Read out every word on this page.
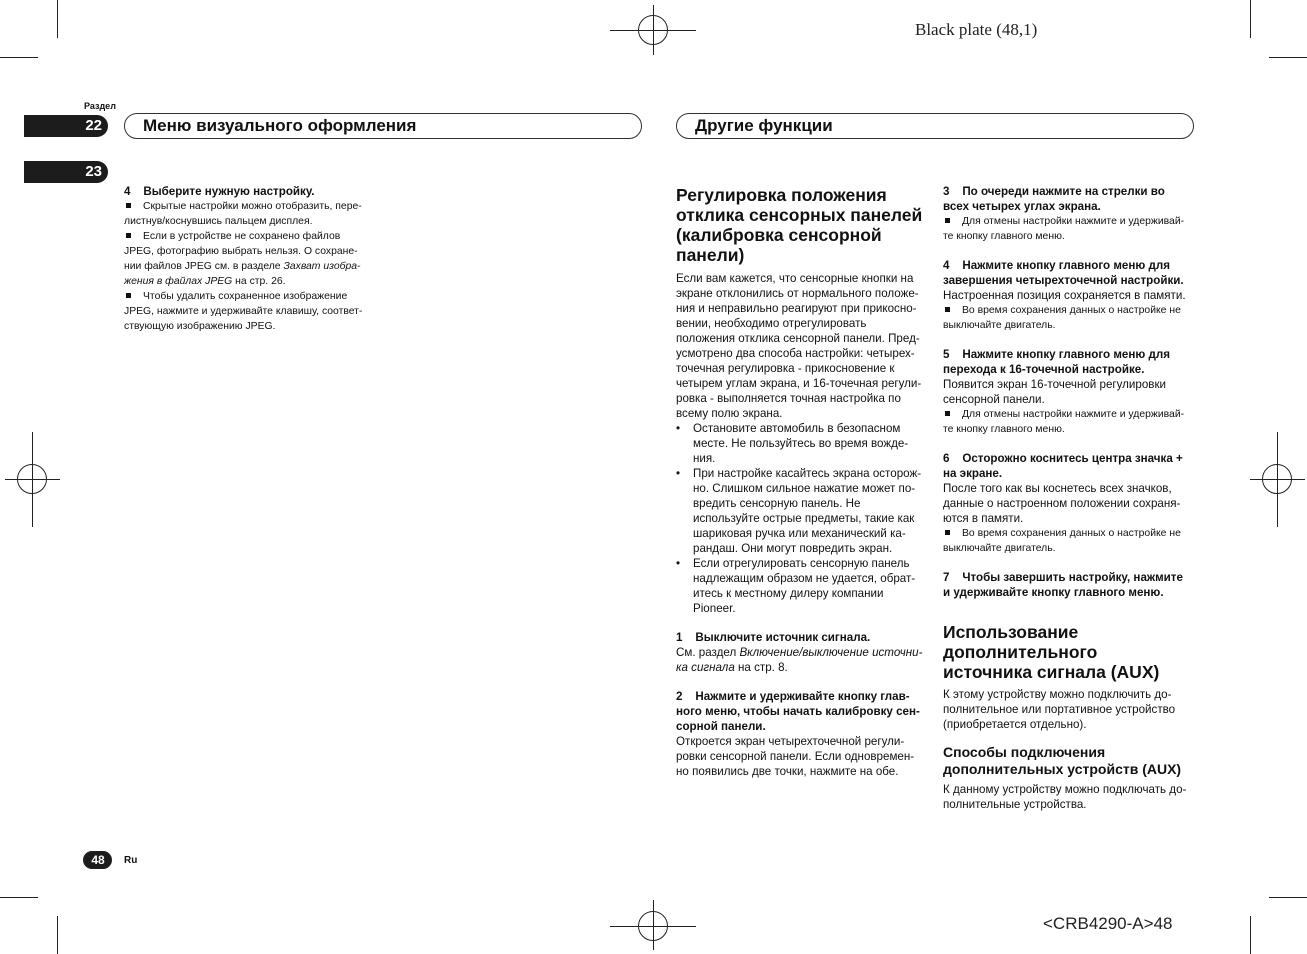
Black plate (48,1)
<CRB4290-A>48
Раздел
22
23
Меню визуального оформления	Другие функции

4    Выберите нужную настройку.

Скрытые настройки можно отобразить, пере-
листнув/коснувшись пальцем дисплея.

Если в устройстве не сохранено файлов
JPEG, фотографию выбрать нельзя. О сохране-
нии файлов JPEG см. в разделе Захват изобра-
жения в файлах JPEG на стр. 26.

Чтобы удалить сохраненное изображение
JPEG, нажмите и удерживайте клавишу, соответ-
ствующую изображению JPEG.

Регулировка положения
отклика сенсорных панелей
(калибровка сенсорной
панели)

Если вам кажется, что сенсорные кнопки на
экране отклонились от нормального положе-
ния и неправильно реагируют при прикосно-
вении, необходимо отрегулировать
положения отклика сенсорной панели. Пред-
усмотрено два способа настройки: четырех-
точечная регулировка - прикосновение к
четырем углам экрана, и 16-точечная регули-
ровка - выполняется точная настройка по
всему полю экрана.

• Остановите автомобиль в безопасном
месте. Не пользуйтесь во время вожде-
ния.

• При настройке касайтесь экрана осторож-
но. Слишком сильное нажатие может по-
вредить сенсорную панель. Не
используйте острые предметы, такие как
шариковая ручка или механический ка-
рандаш. Они могут повредить экран.

• Если отрегулировать сенсорную панель
надлежащим образом не удается, обрат-
итесь к местному дилеру компании
Pioneer.

1    Выключите источник сигнала.

См. раздел Включение/выключение источни-
ка сигнала на стр. 8.

2    Нажмите и удерживайте кнопку глав-
ного меню, чтобы начать калибровку сен-
сорной панели.

Откроется экран четырехточечной регули-
ровки сенсорной панели. Если одновремен-
но появились две точки, нажмите на обе.

3    По очереди нажмите на стрелки во
всех четырех углах экрана.

Для отмены настройки нажмите и удерживай-
те кнопку главного меню.

4    Нажмите кнопку главного меню для
завершения четырехточечной настройки.

Настроенная позиция сохраняется в памяти.

Во время сохранения данных о настройке не
выключайте двигатель.

5    Нажмите кнопку главного меню для
перехода к 16-точечной настройке.

Появится экран 16-точечной регулировки
сенсорной панели.

Для отмены настройки нажмите и удерживай-
те кнопку главного меню.

6    Осторожно коснитесь центра значка +
на экране.

После того как вы коснетесь всех значков,
данные о настроенном положении сохраня-
ются в памяти.

Во время сохранения данных о настройке не
выключайте двигатель.

7    Чтобы завершить настройку, нажмите
и удерживайте кнопку главного меню.

Использование
дополнительного
источника сигнала (AUX)

К этому устройству можно подключить до-
полнительное или портативное устройство
(приобретается отдельно).

Способы подключения
дополнительных устройств (AUX)

К данному устройству можно подключать до-
полнительные устройства.

48	Ru
